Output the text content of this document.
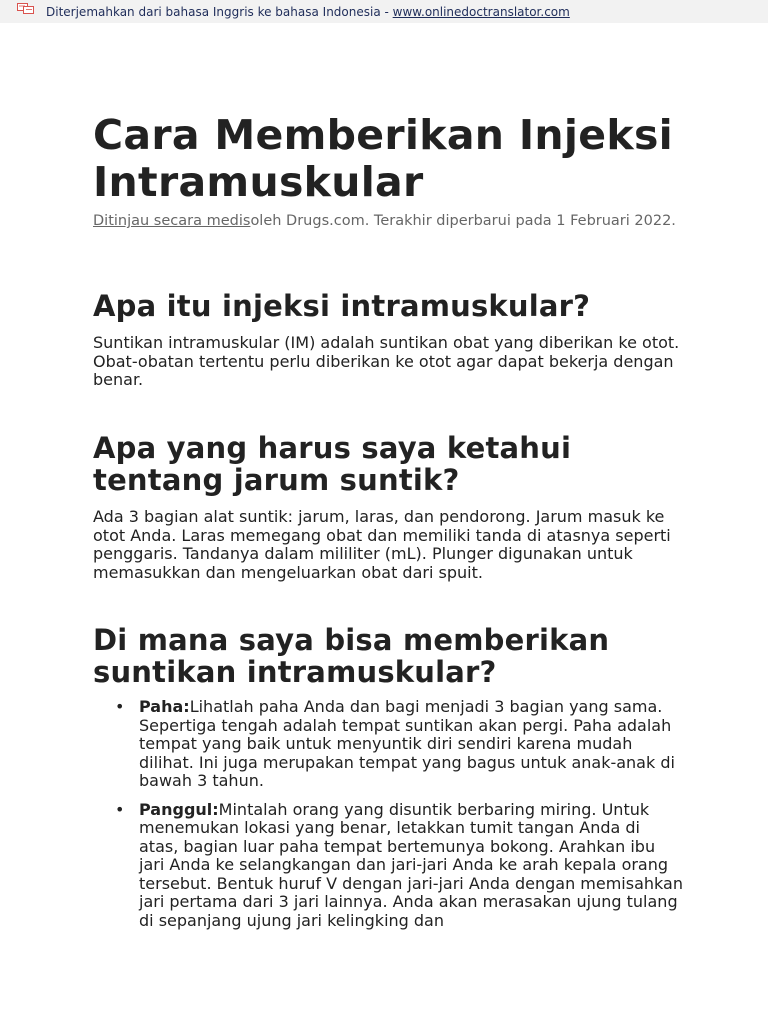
Diterjemahkan dari bahasa Inggris ke bahasa Indonesia - www.onlinedoctranslator.com
Cara Memberikan Injeksi Intramuskular

Ditinjau secara medisoleh Drugs.com. Terakhir diperbarui pada 1 Februari 2022.

Apa itu injeksi intramuskular?

Suntikan intramuskular (IM) adalah suntikan obat yang diberikan ke otot. Obat-obatan tertentu perlu diberikan ke otot agar dapat bekerja dengan benar.

Apa yang harus saya ketahui tentang jarum suntik?

Ada 3 bagian alat suntik: jarum, laras, dan pendorong. Jarum masuk ke otot Anda. Laras memegang obat dan memiliki tanda di atasnya seperti penggaris. Tandanya dalam mililiter (mL). Plunger digunakan untuk memasukkan dan mengeluarkan obat dari spuit.

Di mana saya bisa memberikan suntikan intramuskular?
• Paha:Lihatlah paha Anda dan bagi menjadi 3 bagian yang sama. Sepertiga tengah adalah tempat suntikan akan pergi. Paha adalah tempat yang baik untuk menyuntik diri sendiri karena mudah dilihat. Ini juga merupakan tempat yang bagus untuk anak-anak di bawah 3 tahun.
• Panggul:Mintalah orang yang disuntik berbaring miring. Untuk menemukan lokasi yang benar, letakkan tumit tangan Anda di atas, bagian luar paha tempat bertemunya bokong. Arahkan ibu jari Anda ke selangkangan dan jari-jari Anda ke arah kepala orang tersebut. Bentuk huruf V dengan jari-jari Anda dengan memisahkan jari pertama dari 3 jari lainnya. Anda akan merasakan ujung tulang di sepanjang ujung jari kelingking dan
